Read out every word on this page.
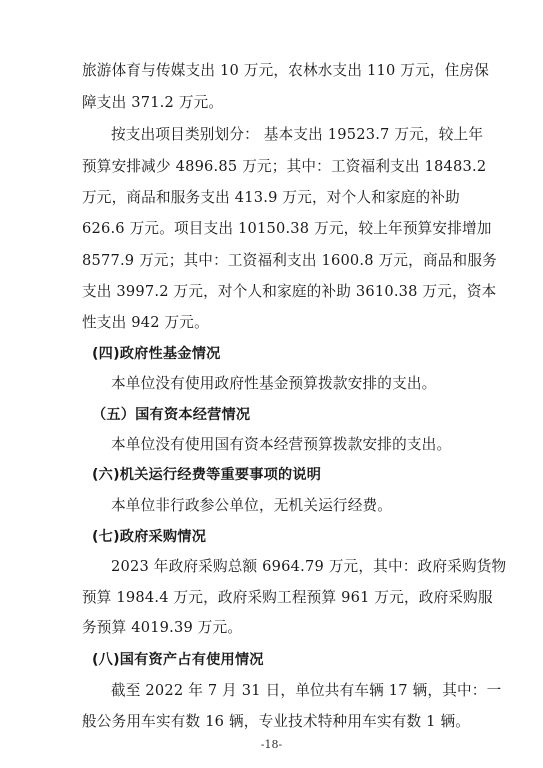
旅游体育与传媒支出 10 万元，农林水支出 110 万元，住房保
障支出 371.2 万元。
按支出项目类别划分： 基本支出 19523.7 万元，较上年
预算安排减少 4896.85 万元；其中：工资福利支出 18483.2
万元，商品和服务支出 413.9 万元，对个人和家庭的补助
626.6 万元。项目支出 10150.38 万元，较上年预算安排增加
8577.9 万元；其中：工资福利支出 1600.8 万元，商品和服务
支出 3997.2 万元，对个人和家庭的补助 3610.38 万元，资本
性支出 942 万元。
(四)政府性基金情况
本单位没有使用政府性基金预算拨款安排的支出。
（五）国有资本经营情况
本单位没有使用国有资本经营预算拨款安排的支出。
(六)机关运行经费等重要事项的说明
本单位非行政参公单位，无机关运行经费。
(七)政府采购情况
2023 年政府采购总额 6964.79 万元，其中：政府采购货物
预算 1984.4 万元，政府采购工程预算 961 万元，政府采购服
务预算 4019.39 万元。
(八)国有资产占有使用情况
截至 2022 年 7 月 31 日，单位共有车辆 17 辆，其中：一
般公务用车实有数 16 辆，专业技术特种用车实有数 1 辆。
-18-
